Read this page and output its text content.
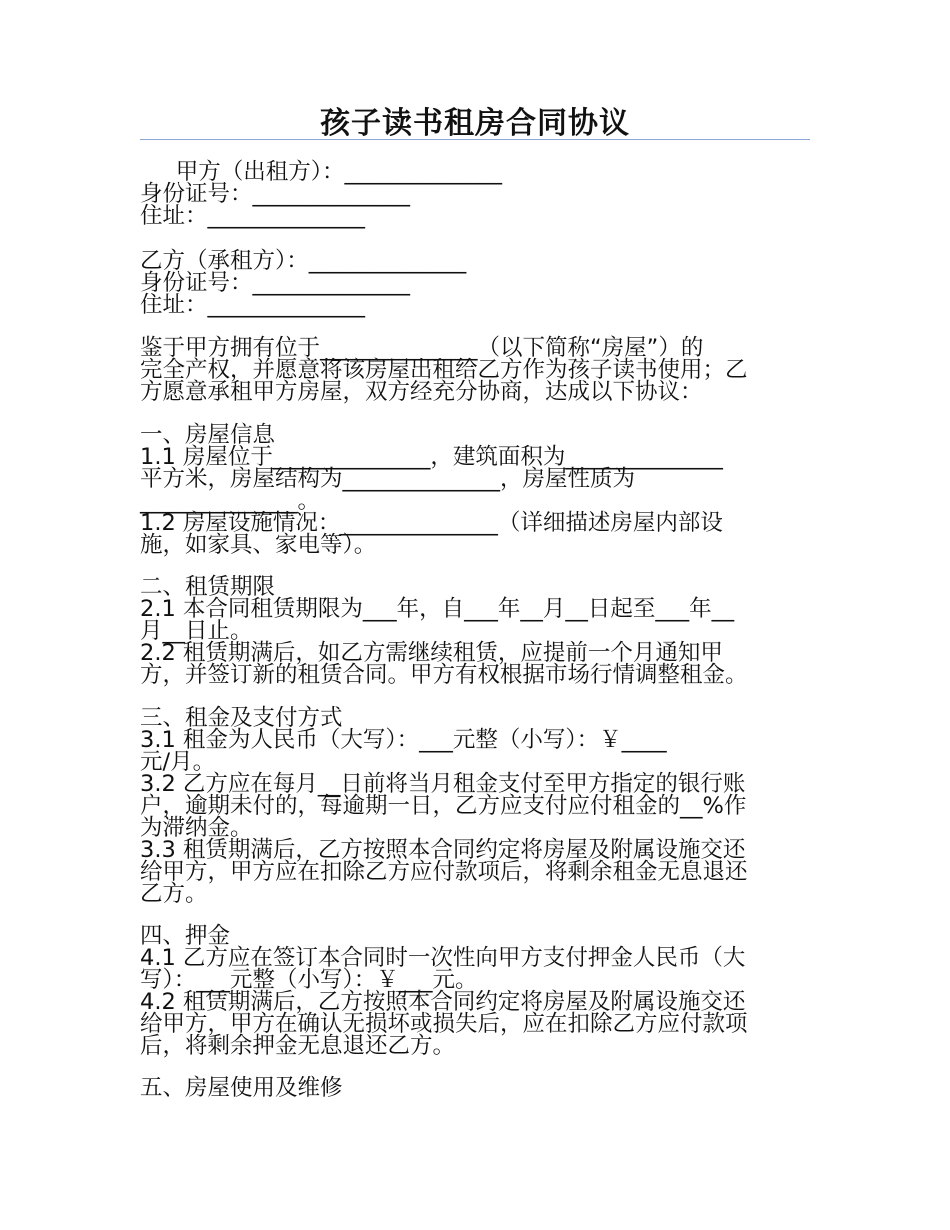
孩子读书租房合同协议

甲方（出租方）：______________

身份证号：______________

住址：______________

乙方（承租方）：______________

身份证号：______________

住址：______________

鉴于甲方拥有位于______________（以下简称“房屋”）的

完全产权，并愿意将该房屋出租给乙方作为孩子读书使用；乙

方愿意承租甲方房屋，双方经充分协商，达成以下协议：

一、房屋信息

1.1 房屋位于______________，建筑面积为______________

平方米，房屋结构为______________，房屋性质为

______________。

1.2 房屋设施情况：______________（详细描述房屋内部设

施，如家具、家电等）。

二、租赁期限

2.1 本合同租赁期限为___年，自___年__月__日起至___年__

月__日止。

2.2 租赁期满后，如乙方需继续租赁，应提前一个月通知甲

方，并签订新的租赁合同。甲方有权根据市场行情调整租金。

三、租金及支付方式

3.1 租金为人民币（大写）：___元整（小写）：￥____

元/月。

3.2 乙方应在每月__日前将当月租金支付至甲方指定的银行账

户，逾期未付的，每逾期一日，乙方应支付应付租金的__%作

为滞纳金。

3.3 租赁期满后，乙方按照本合同约定将房屋及附属设施交还

给甲方，甲方应在扣除乙方应付款项后，将剩余租金无息退还

乙方。

四、押金

4.1 乙方应在签订本合同时一次性向甲方支付押金人民币（大

写）：___元整（小写）：￥___元。

4.2 租赁期满后，乙方按照本合同约定将房屋及附属设施交还

给甲方，甲方在确认无损坏或损失后，应在扣除乙方应付款项

后，将剩余押金无息退还乙方。

五、房屋使用及维修
